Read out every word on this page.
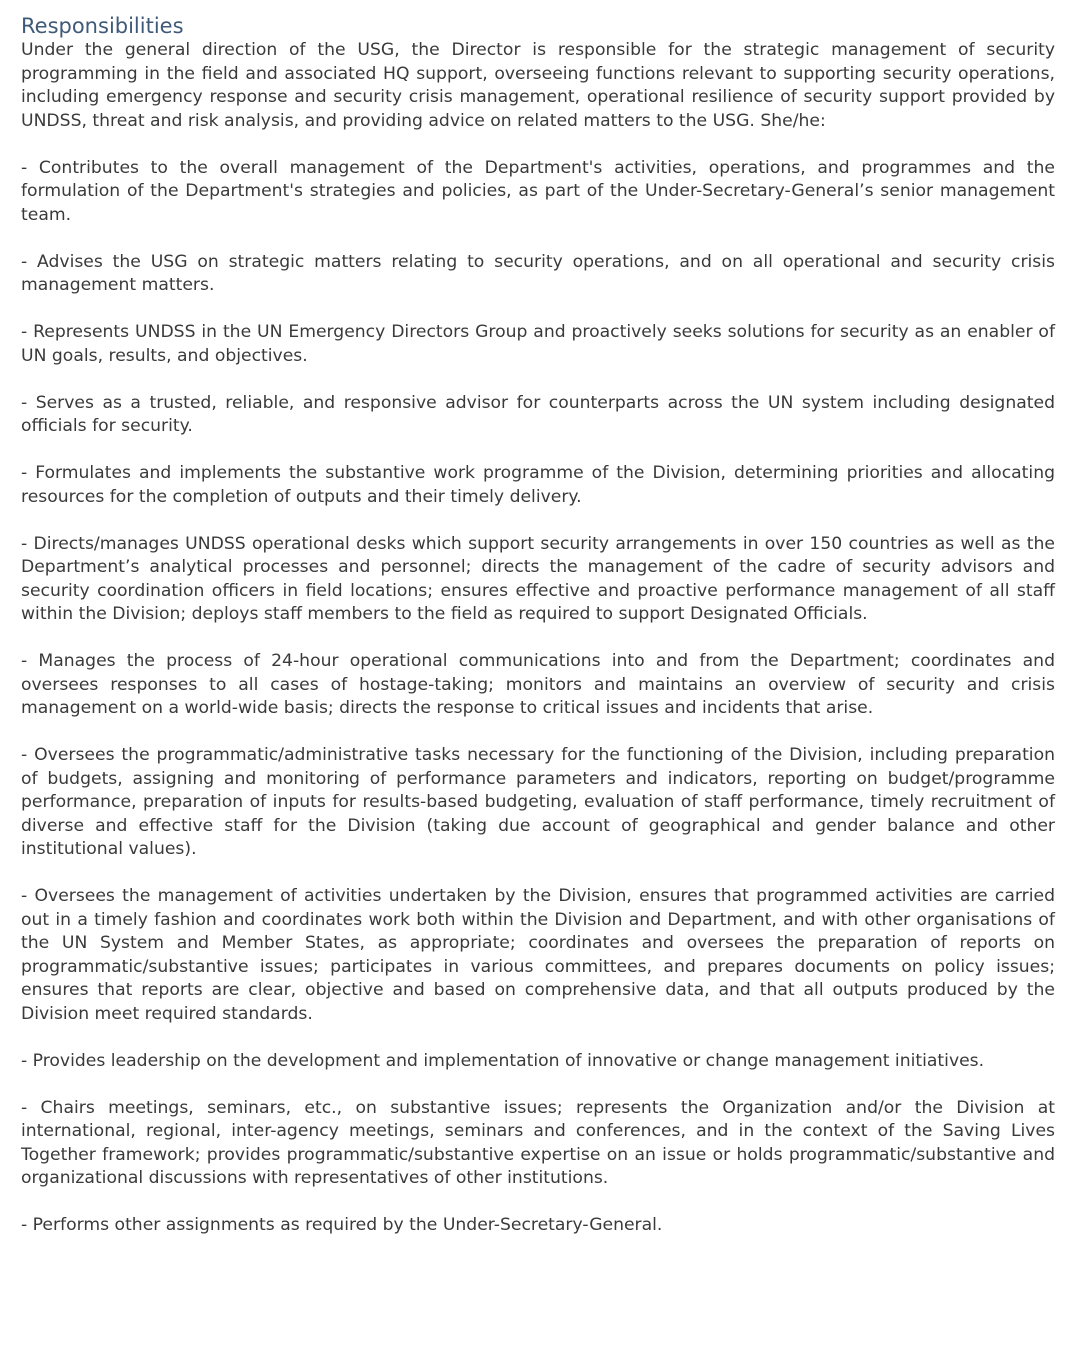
Responsibilities

Under the general direction of the USG, the Director is responsible for the strategic management of security programming in the field and associated HQ support, overseeing functions relevant to supporting security operations, including emergency response and security crisis management, operational resilience of security support provided by UNDSS, threat and risk analysis, and providing advice on related matters to the USG. She/he:

- Contributes to the overall management of the Department's activities, operations, and programmes and the formulation of the Department's strategies and policies, as part of the Under-Secretary-General’s senior management team.

- Advises the USG on strategic matters relating to security operations, and on all operational and security crisis management matters.

- Represents UNDSS in the UN Emergency Directors Group and proactively seeks solutions for security as an enabler of UN goals, results, and objectives.

- Serves as a trusted, reliable, and responsive advisor for counterparts across the UN system including designated officials for security.

- Formulates and implements the substantive work programme of the Division, determining priorities and allocating resources for the completion of outputs and their timely delivery.

- Directs/manages UNDSS operational desks which support security arrangements in over 150 countries as well as the Department’s analytical processes and personnel; directs the management of the cadre of security advisors and security coordination officers in field locations; ensures effective and proactive performance management of all staff within the Division; deploys staff members to the field as required to support Designated Officials.

- Manages the process of 24-hour operational communications into and from the Department; coordinates and oversees responses to all cases of hostage-taking; monitors and maintains an overview of security and crisis management on a world-wide basis; directs the response to critical issues and incidents that arise.

- Oversees the programmatic/administrative tasks necessary for the functioning of the Division, including preparation of budgets, assigning and monitoring of performance parameters and indicators, reporting on budget/programme performance, preparation of inputs for results-based budgeting, evaluation of staff performance, timely recruitment of diverse and effective staff for the Division (taking due account of geographical and gender balance and other institutional values).

- Oversees the management of activities undertaken by the Division, ensures that programmed activities are carried out in a timely fashion and coordinates work both within the Division and Department, and with other organisations of the UN System and Member States, as appropriate; coordinates and oversees the preparation of reports on programmatic/substantive issues; participates in various committees, and prepares documents on policy issues; ensures that reports are clear, objective and based on comprehensive data, and that all outputs produced by the Division meet required standards.

- Provides leadership on the development and implementation of innovative or change management initiatives.

- Chairs meetings, seminars, etc., on substantive issues; represents the Organization and/or the Division at international, regional, inter-agency meetings, seminars and conferences, and in the context of the Saving Lives Together framework; provides programmatic/substantive expertise on an issue or holds programmatic/substantive and organizational discussions with representatives of other institutions.

- Performs other assignments as required by the Under-Secretary-General.
